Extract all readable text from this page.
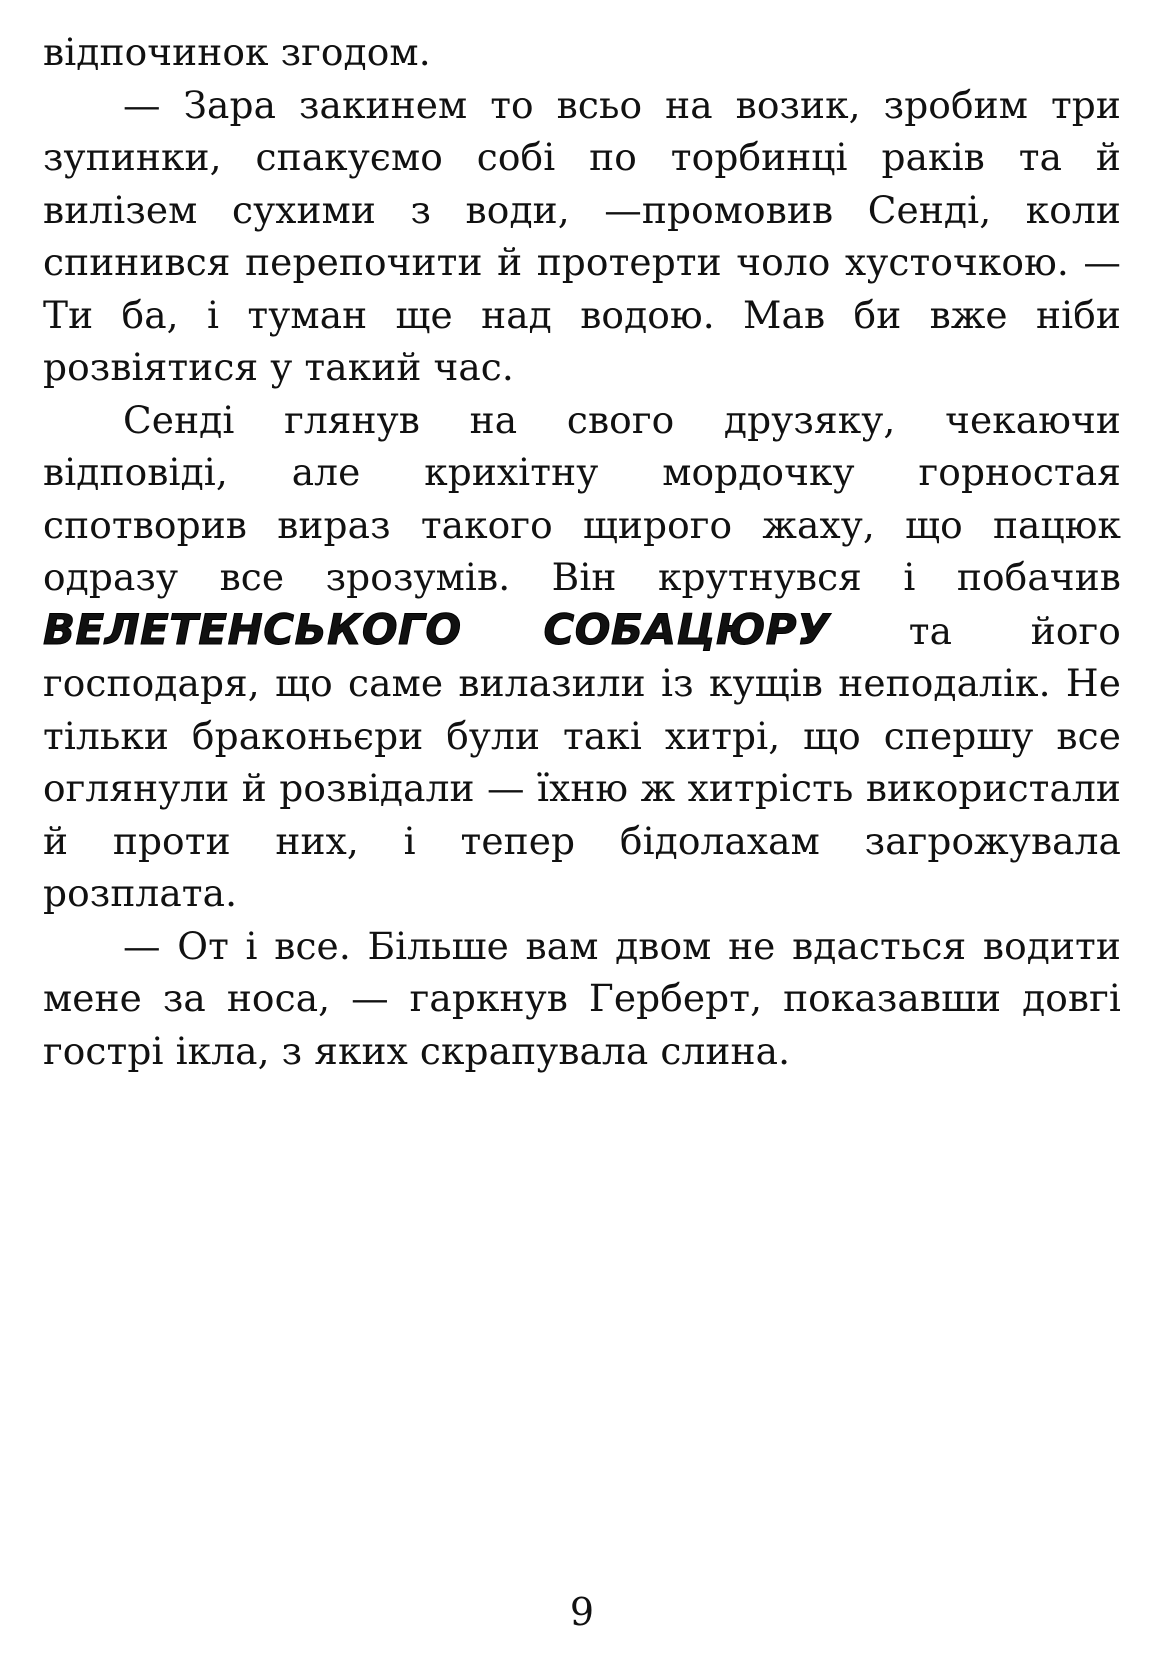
відпочинок згодом.

— Зара закинем то всьо на возик, зробим три зупинки, спакуємо собі по торбинці раків та й вилізем сухими з води, —промовив Сенді, коли спинився перепочити й протерти чоло хусточкою. — Ти ба, і туман ще над водою. Мав би вже ніби розвіятися у такий час.

Сенді глянув на свого друзяку, чекаючи відповіді, але крихітну мордочку горностая спотворив вираз такого щирого жаху, що пацюк одразу все зрозумів. Він крутнувся і побачив ВЕЛЕТЕНСЬКОГО СОБАЦЮРУ та його господаря, що саме вилазили із кущів неподалік. Не тільки браконьєри були такі хитрі, що спершу все оглянули й розвідали — їхню ж хитрість використали й проти них, і тепер бідолахам загрожувала розплата.

— От і все. Більше вам двом не вдасться водити мене за носа, — гаркнув Герберт, показавши довгі гострі ікла, з яких скрапувала слина.

9
